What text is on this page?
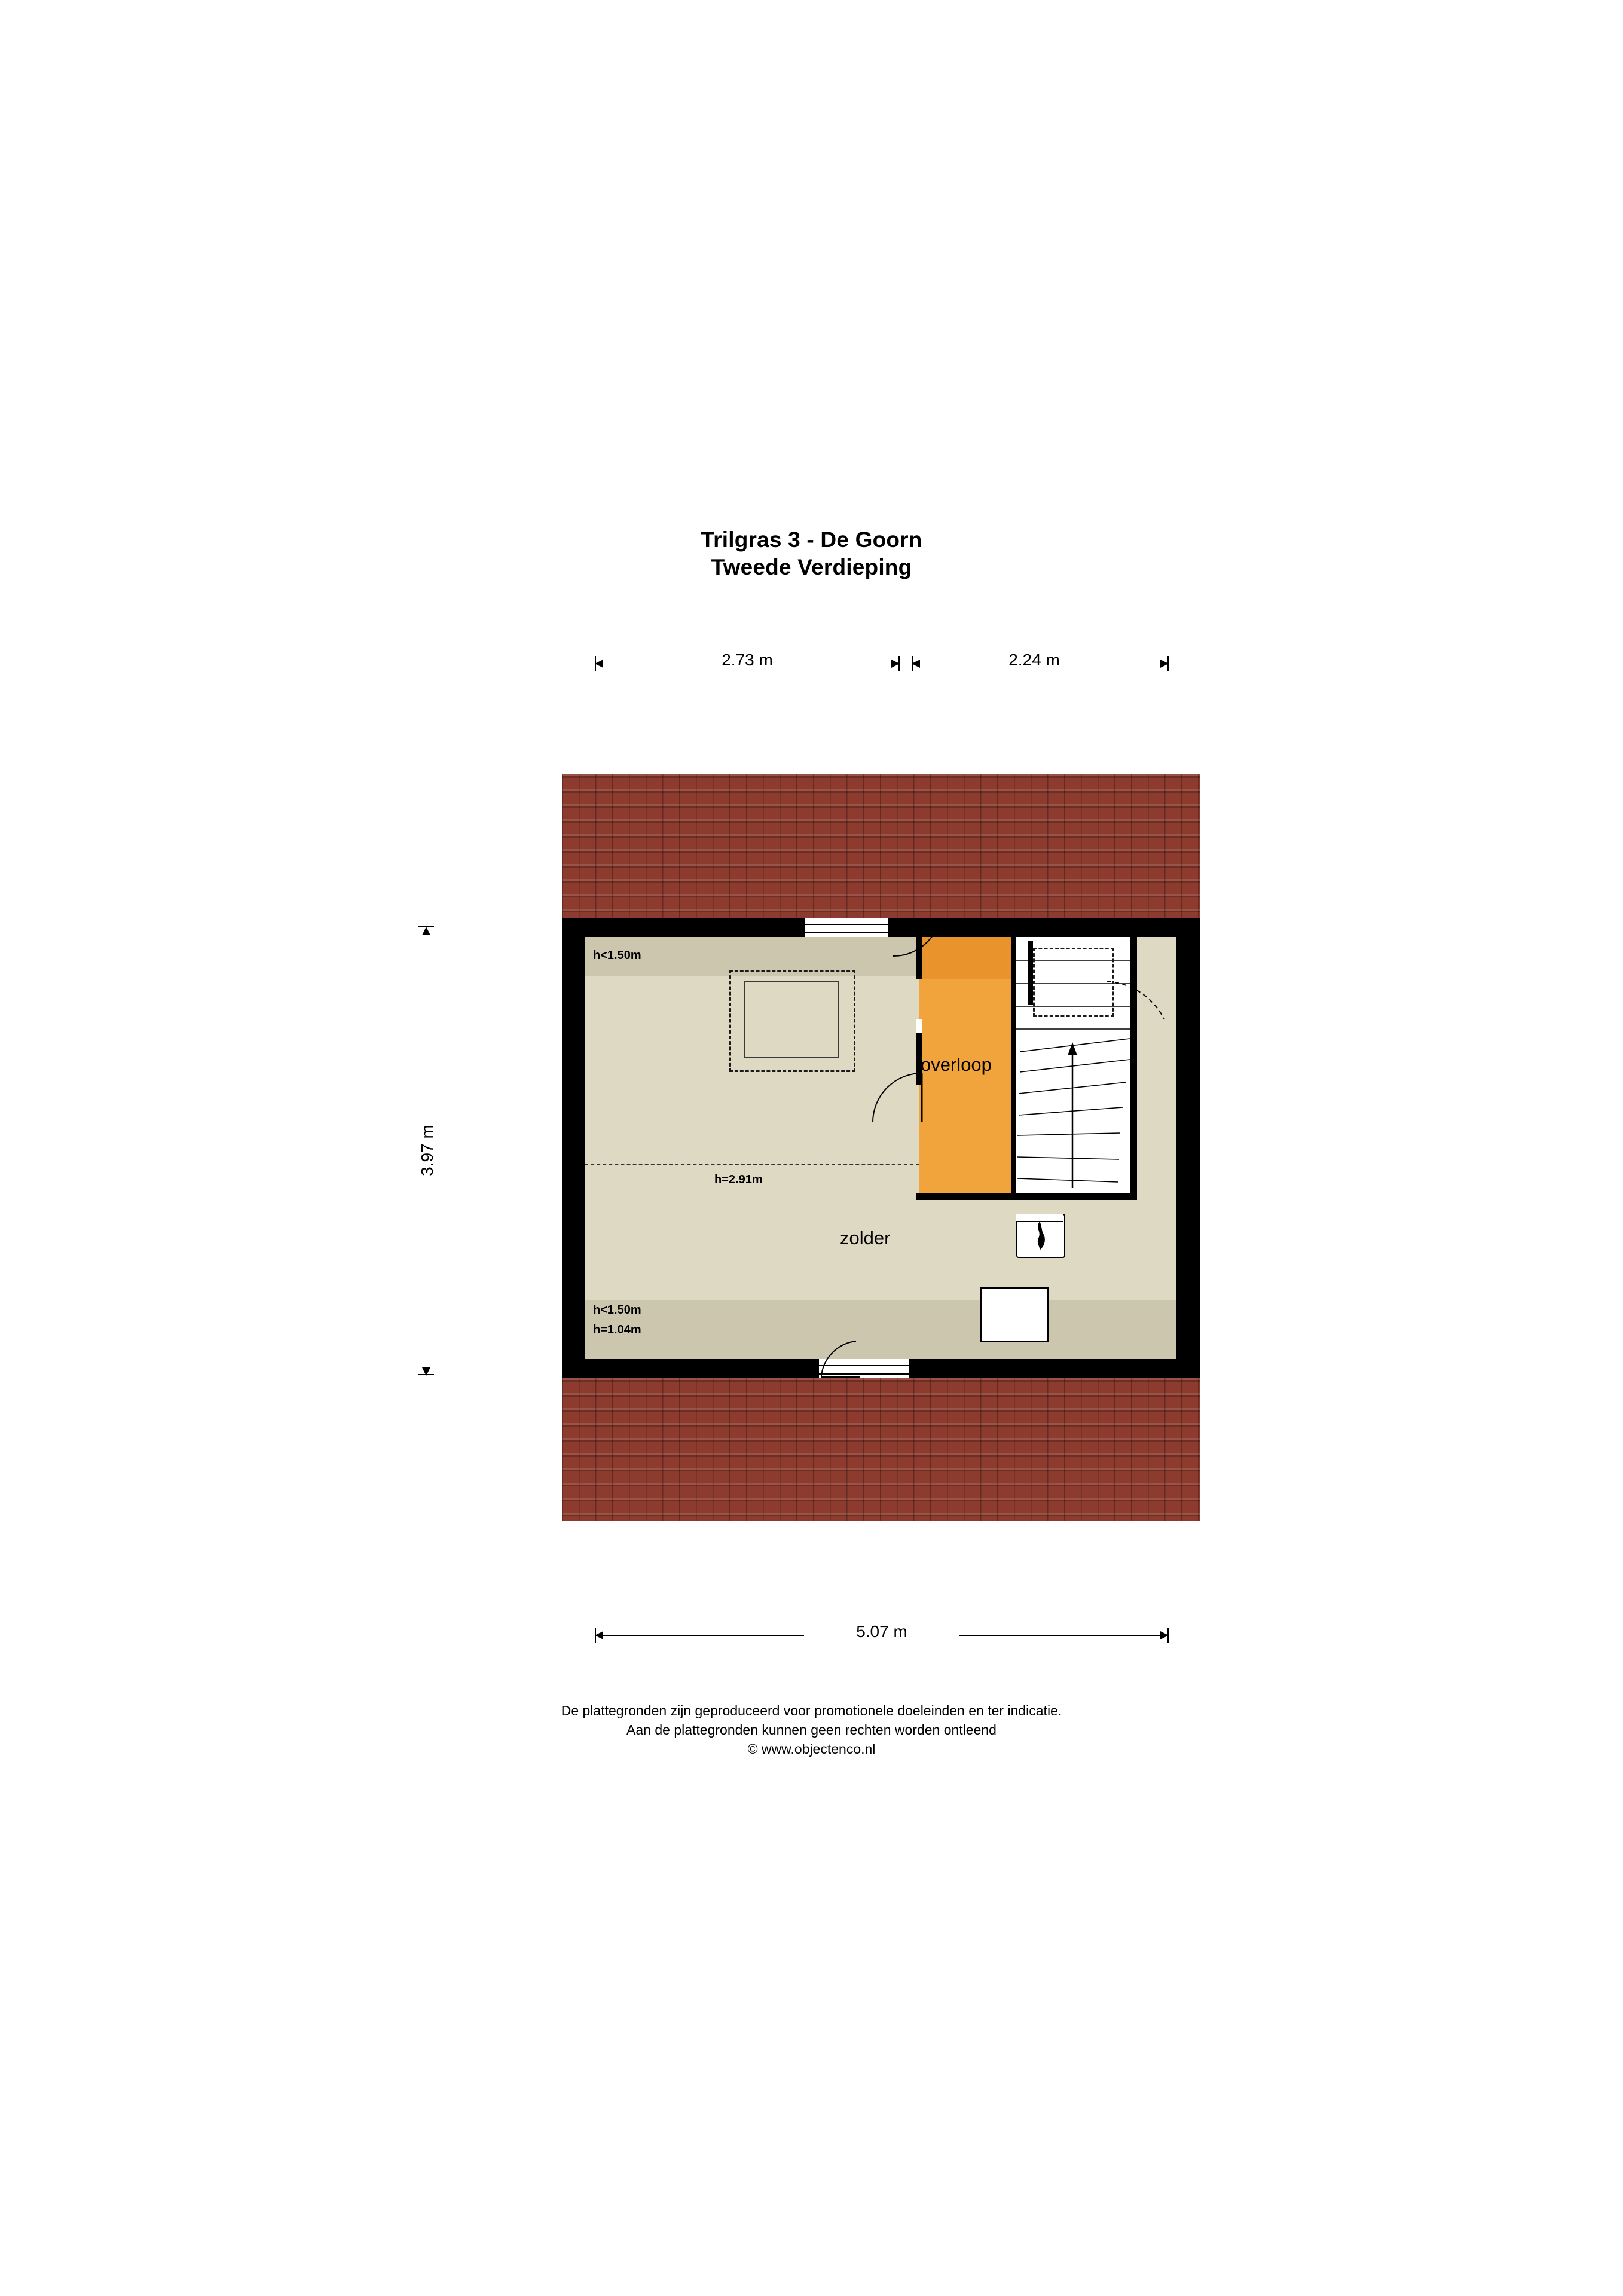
Trilgras 3 - De Goorn
Tweede Verdieping
2.73 m	2.24 m
3.97 m
5.07 m
h<1.50m
h=2.91m
h<1.50m
h=1.04m
overloop
zolder
De plattegronden zijn geproduceerd voor promotionele doeleinden en ter indicatie.
Aan de plattegronden kunnen geen rechten worden ontleend
© www.objectenco.nl
